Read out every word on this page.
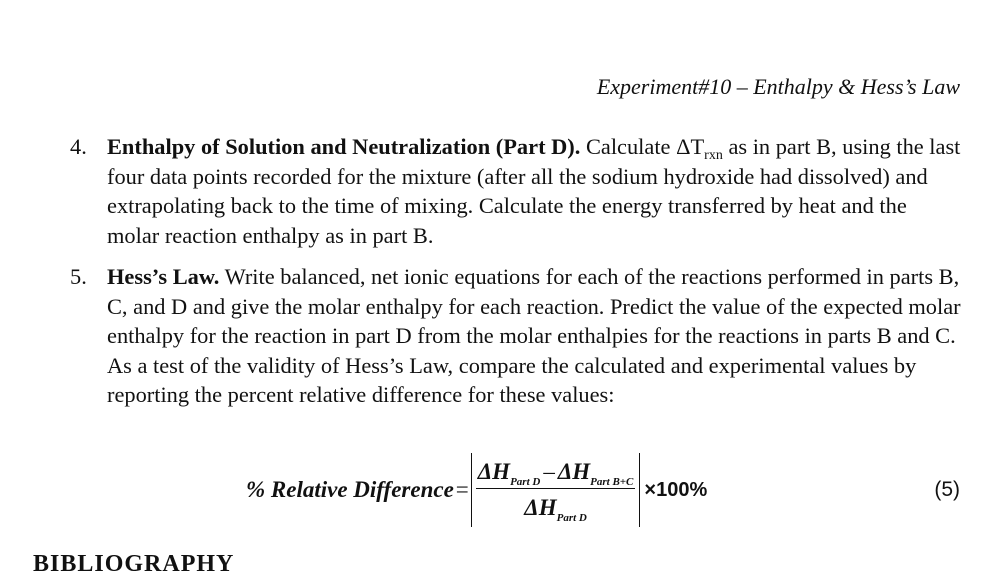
Experiment#10 – Enthalpy & Hess’s Law
4. Enthalpy of Solution and Neutralization (Part D). Calculate $\Delta T_{rxn}$ as in part B, using the last four data points recorded for the mixture (after all the sodium hydroxide had dissolved) and extrapolating back to the time of mixing. Calculate the energy transferred by heat and the molar reaction enthalpy as in part B.
5. Hess’s Law. Write balanced, net ionic equations for each of the reactions performed in parts B, C, and D and give the molar enthalpy for each reaction. Predict the value of the expected molar enthalpy for the reaction in part D from the molar enthalpies for the reactions in parts B and C. As a test of the validity of Hess’s Law, compare the calculated and experimental values by reporting the percent relative difference for these values:
% Relative Difference = $\frac{\Delta H_{Part D} - \Delta H_{Part B+C}}{\Delta H_{Part D}} \times 100\%$	(5)
BIBLIOGRAPHY
